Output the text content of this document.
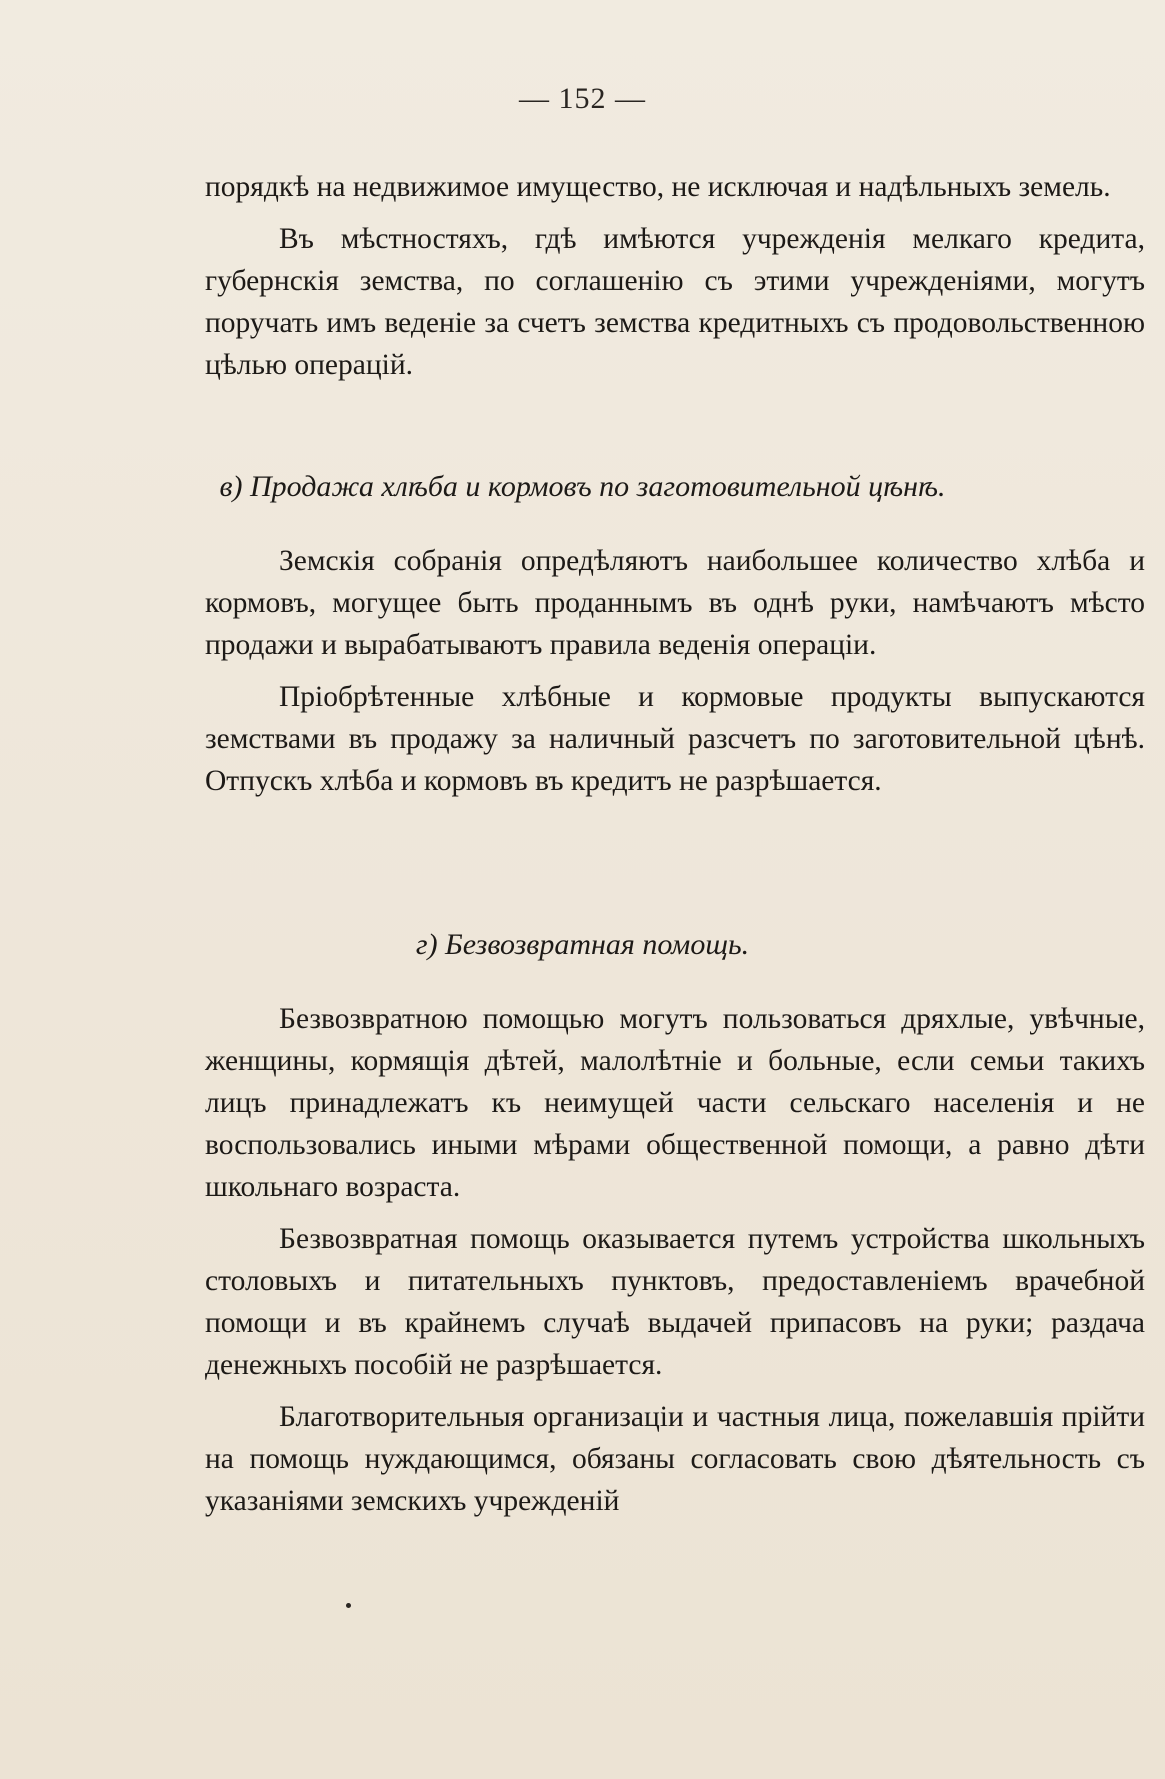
— 152 —

порядкѣ на недвижимое имущество, не исключая и надѣльныхъ земель.

Въ мѣстностяхъ, гдѣ имѣются учрежденія мелкаго кредита, губернскія земства, по соглашенію съ этими учрежденіями, могутъ поручать имъ веденіе за счетъ земства кредитныхъ съ продовольственною цѣлью операцій.

в) Продажа хлѣба и кормовъ по заготовительной цѣнѣ.

Земскія собранія опредѣляютъ наибольшее количество хлѣба и кормовъ, могущее быть проданнымъ въ однѣ руки, намѣчаютъ мѣсто продажи и вырабатываютъ правила веденія операціи.

Пріобрѣтенные хлѣбные и кормовые продукты выпускаются земствами въ продажу за наличный разсчетъ по заготовительной цѣнѣ. Отпускъ хлѣба и кормовъ въ кредитъ не разрѣшается.

г) Безвозвратная помощь.

Безвозвратною помощью могутъ пользоваться дряхлые, увѣчные, женщины, кормящія дѣтей, малолѣтніе и больные, если семьи такихъ лицъ принадлежатъ къ неимущей части сельскаго населенія и не воспользовались иными мѣрами общественной помощи, а равно дѣти школьнаго возраста.

Безвозвратная помощь оказывается путемъ устройства школьныхъ столовыхъ и питательныхъ пунктовъ, предоставленіемъ врачебной помощи и въ крайнемъ случаѣ выдачей припасовъ на руки; раздача денежныхъ пособій не разрѣшается.

Благотворительныя организаціи и частныя лица, пожелавшія прійти на помощь нуждающимся, обязаны согласовать свою дѣятельность съ указаніями земскихъ учрежденій
